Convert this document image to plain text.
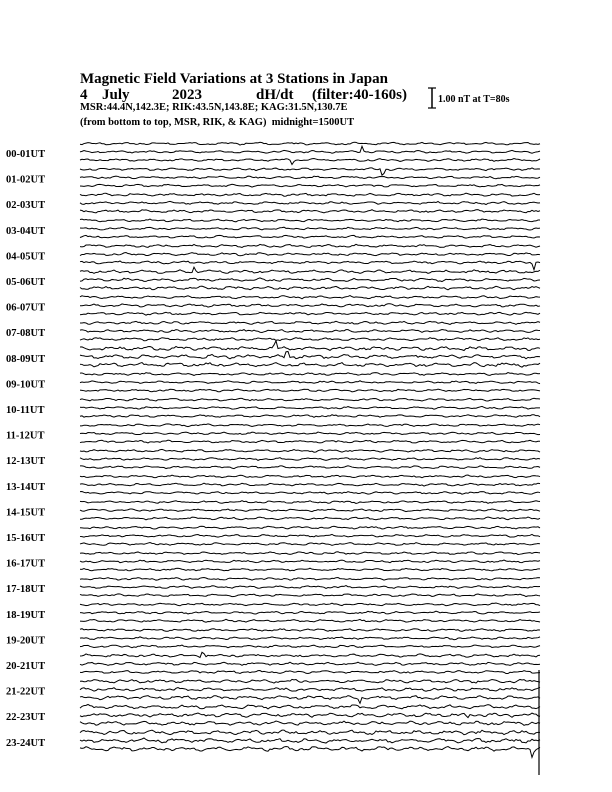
Magnetic Field Variations at 3 Stations in Japan
4 July	2023	dH/dt (filter:40-160s)
MSR:44.4N,142.3E; RIK:43.5N,143.8E; KAG:31.5N,130.7E
(from bottom to top, MSR, RIK, & KAG) midnight=1500UT
1.00 nT at T=80s
00-01UT
01-02UT
02-03UT
03-04UT
04-05UT
05-06UT
06-07UT
07-08UT
08-09UT
09-10UT
10-11UT
11-12UT
12-13UT
13-14UT
14-15UT
15-16UT
16-17UT
17-18UT
18-19UT
19-20UT
20-21UT
21-22UT
22-23UT
23-24UT
